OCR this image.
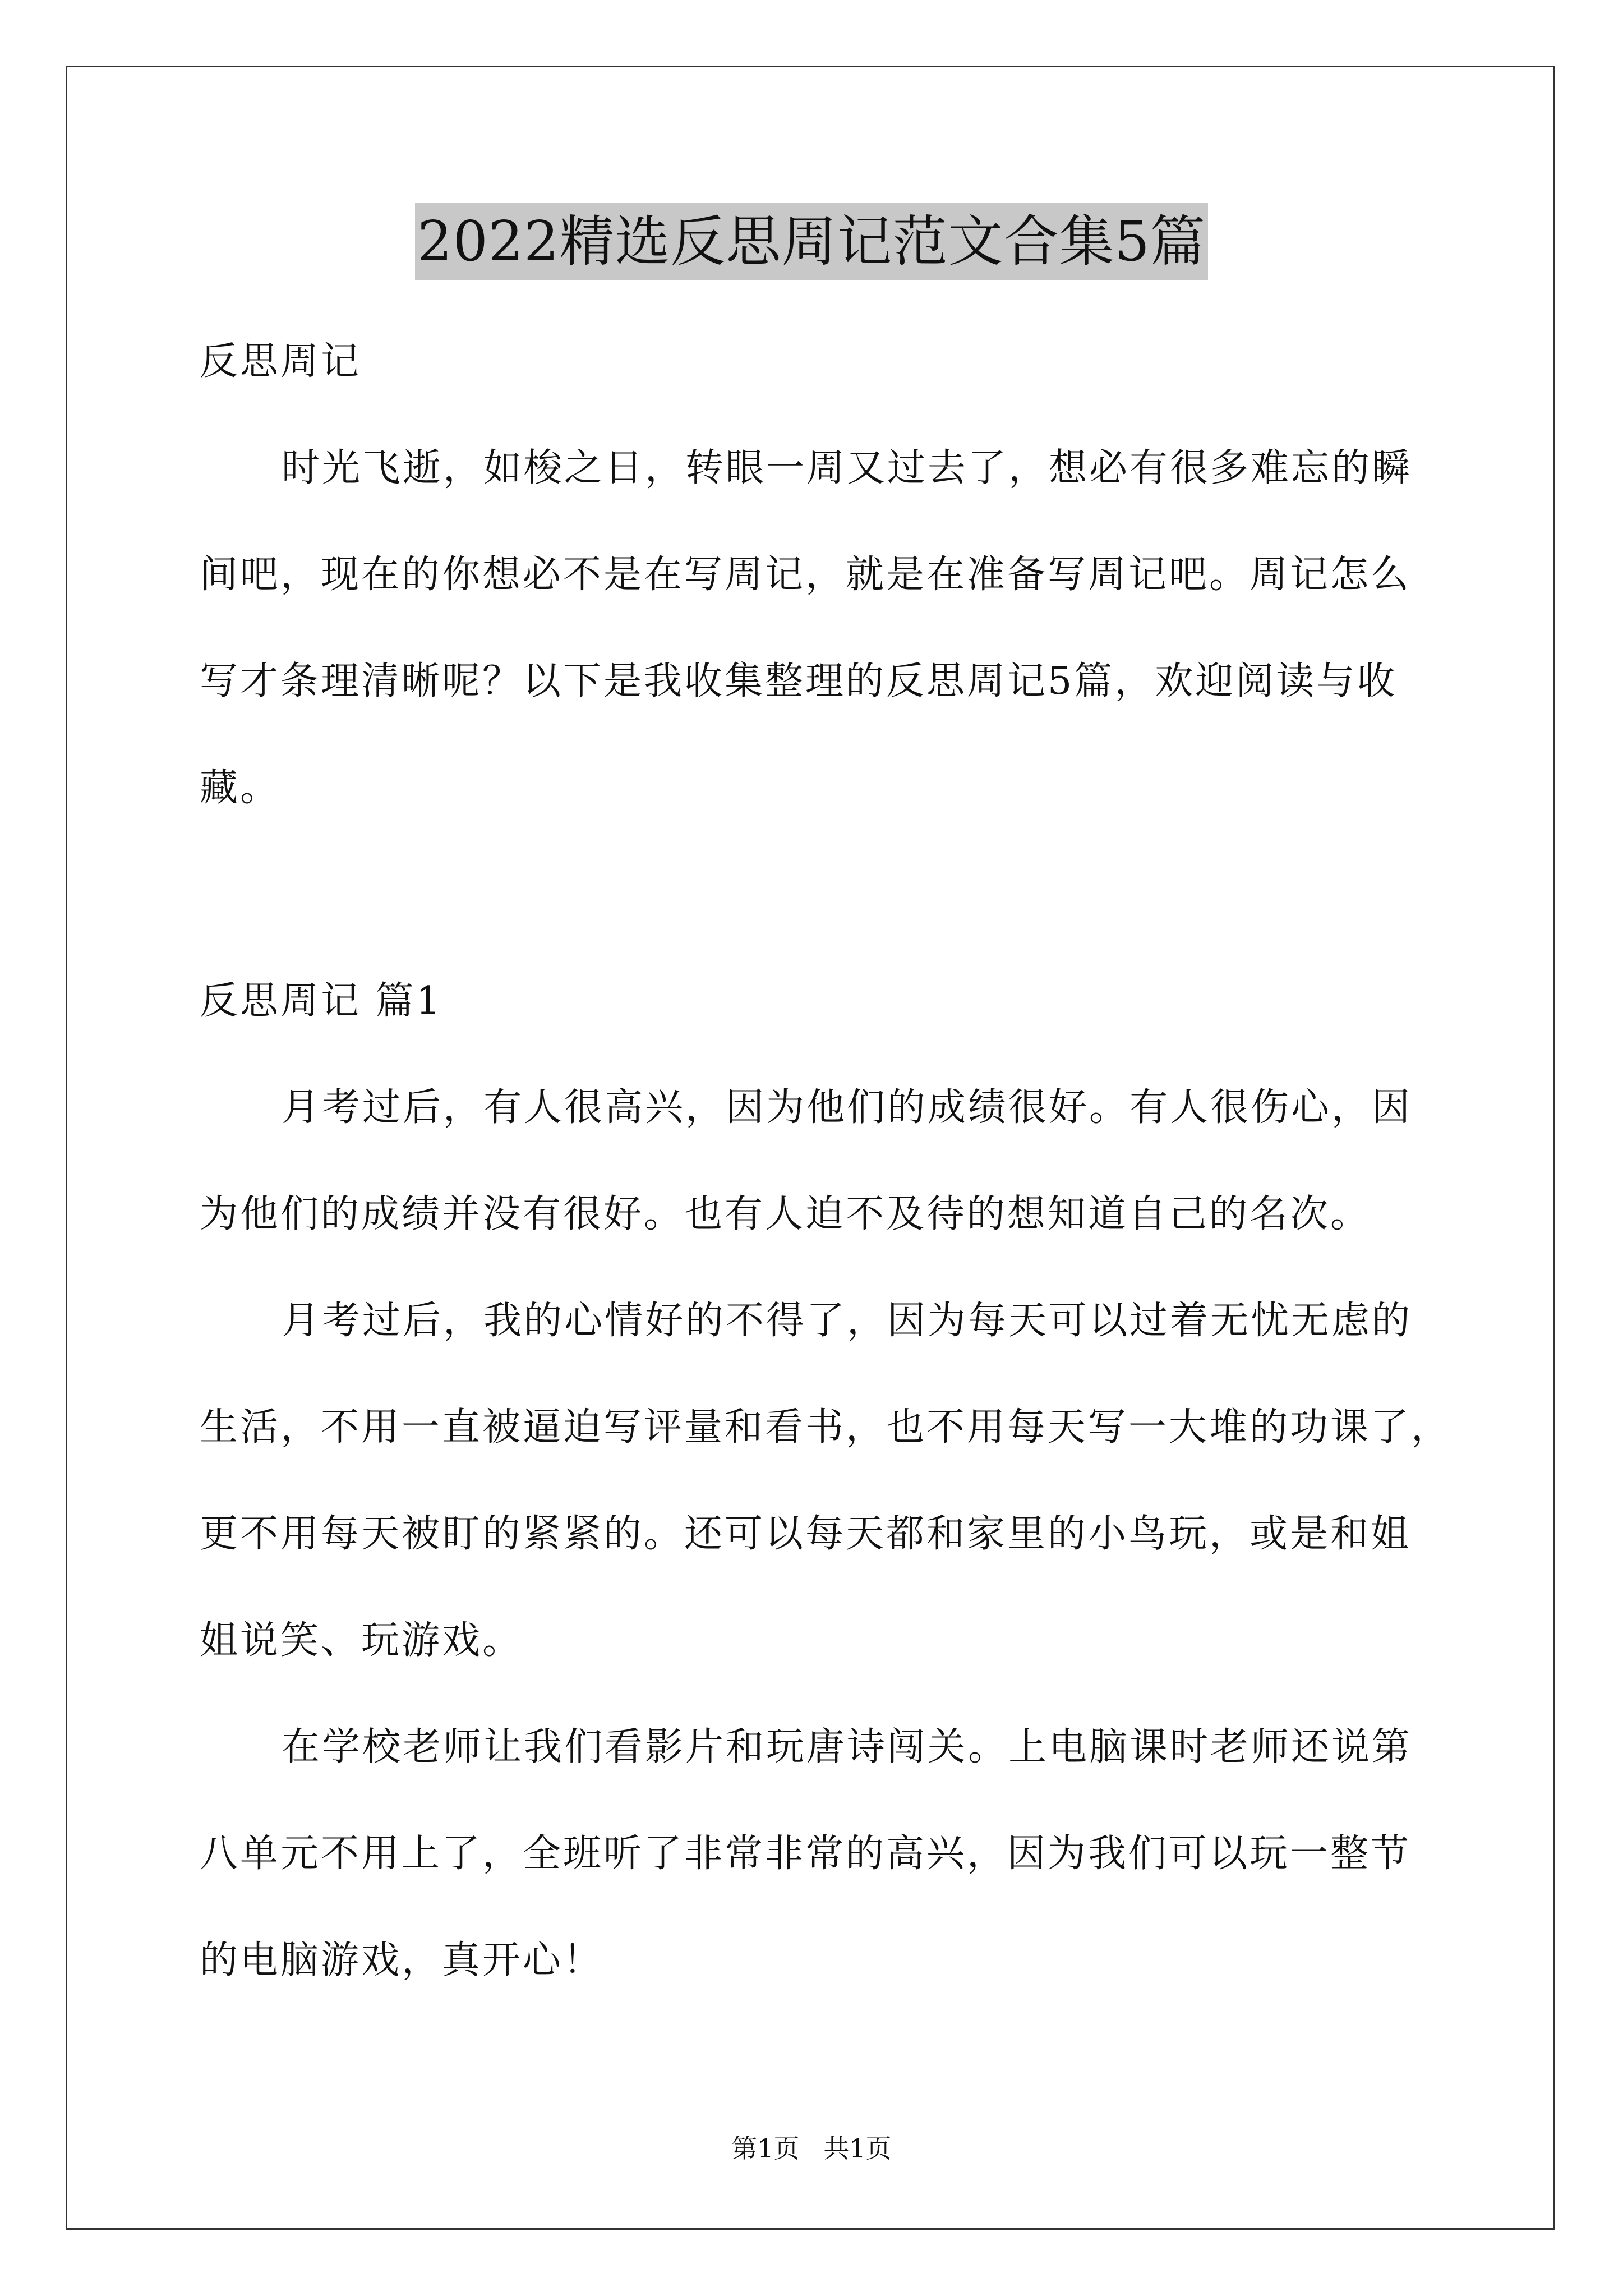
2022精选反思周记范文合集5篇
反思周记
时光飞逝，如梭之日，转眼一周又过去了，想必有很多难忘的瞬
间吧，现在的你想必不是在写周记，就是在准备写周记吧。周记怎么
写才条理清晰呢？以下是我收集整理的反思周记5篇，欢迎阅读与收
藏。
反思周记 篇1
月考过后，有人很高兴，因为他们的成绩很好。有人很伤心，因
为他们的成绩并没有很好。也有人迫不及待的想知道自己的名次。
月考过后，我的心情好的不得了，因为每天可以过着无忧无虑的
生活，不用一直被逼迫写评量和看书，也不用每天写一大堆的功课了，
更不用每天被盯的紧紧的。还可以每天都和家里的小鸟玩，或是和姐
姐说笑、玩游戏。
在学校老师让我们看影片和玩唐诗闯关。上电脑课时老师还说第
八单元不用上了，全班听了非常非常的高兴，因为我们可以玩一整节
的电脑游戏，真开心！
第1页 共1页
